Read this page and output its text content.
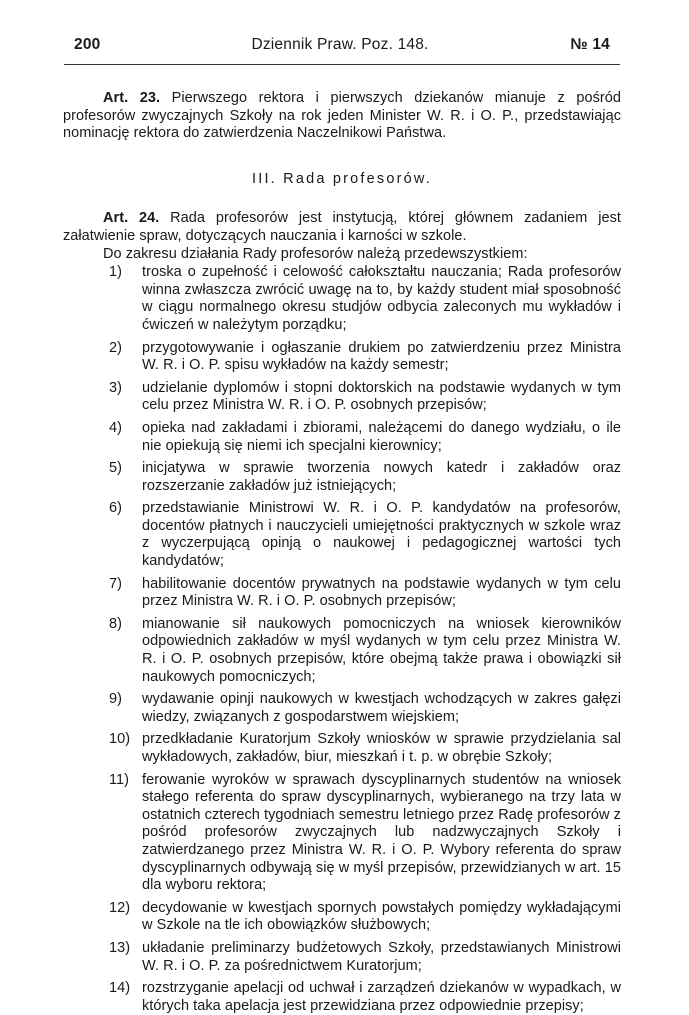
200	Dziennik Praw. Poz. 148.	№ 14

Art. 23. Pierwszego rektora i pierwszych dziekanów mianuje z pośród profesorów zwyczajnych Szkoły na rok jeden Minister W. R. i O. P., przedstawiając nominację rektora do zatwierdzenia Naczelnikowi Państwa.

III. Rada profesorów.

Art. 24. Rada profesorów jest instytucją, której głównem zadaniem jest załatwienie spraw, dotyczących nauczania i karności w szkole.

Do zakresu działania Rady profesorów należą przedewszystkiem:

1) troska o zupełność i celowość całokształtu nauczania; Rada profesorów winna zwłaszcza zwrócić uwagę na to, by każdy student miał sposobność w ciągu normalnego okresu studjów odbycia zaleconych mu wykładów i ćwiczeń w należytym porządku;
2) przygotowywanie i ogłaszanie drukiem po zatwierdzeniu przez Ministra W. R. i O. P. spisu wykładów na każdy semestr;
3) udzielanie dyplomów i stopni doktorskich na podstawie wydanych w tym celu przez Ministra W. R. i O. P. osobnych przepisów;
4) opieka nad zakładami i zbiorami, należącemi do danego wydziału, o ile nie opiekują się niemi ich specjalni kierownicy;
5) inicjatywa w sprawie tworzenia nowych katedr i zakładów oraz rozszerzanie zakładów już istniejących;
6) przedstawianie Ministrowi W. R. i O. P. kandydatów na profesorów, docentów płatnych i nauczycieli umiejętności praktycznych w szkole wraz z wyczerpującą opinją o naukowej i pedagogicznej wartości tych kandydatów;
7) habilitowanie docentów prywatnych na podstawie wydanych w tym celu przez Ministra W. R. i O. P. osobnych przepisów;
8) mianowanie sił naukowych pomocniczych na wniosek kierowników odpowiednich zakładów w myśl wydanych w tym celu przez Ministra W. R. i O. P. osobnych przepisów, które obejmą także prawa i obowiązki sił naukowych pomocniczych;
9) wydawanie opinji naukowych w kwestjach wchodzących w zakres gałęzi wiedzy, związanych z gospodarstwem wiejskiem;
10) przedkładanie Kuratorjum Szkoły wniosków w sprawie przydzielania sal wykładowych, zakładów, biur, mieszkań i t. p. w obrębie Szkoły;
11) ferowanie wyroków w sprawach dyscyplinarnych studentów na wniosek stałego referenta do spraw dyscyplinarnych, wybieranego na trzy lata w ostatnich czterech tygodniach semestru letniego przez Radę profesorów z pośród profesorów zwyczajnych lub nadzwyczajnych Szkoły i zatwierdzanego przez Ministra W. R. i O. P. Wybory referenta do spraw dyscyplinarnych odbywają się w myśl przepisów, przewidzianych w art. 15 dla wyboru rektora;
12) decydowanie w kwestjach spornych powstałych pomiędzy wykładającymi w Szkole na tle ich obowiązków służbowych;
13) układanie preliminarzy budżetowych Szkoły, przedstawianych Ministrowi W. R. i O. P. za pośrednictwem Kuratorjum;
14) rozstrzyganie apelacji od uchwał i zarządzeń dziekanów w wypadkach, w których taka apelacja jest przewidziana przez odpowiednie przepisy;
